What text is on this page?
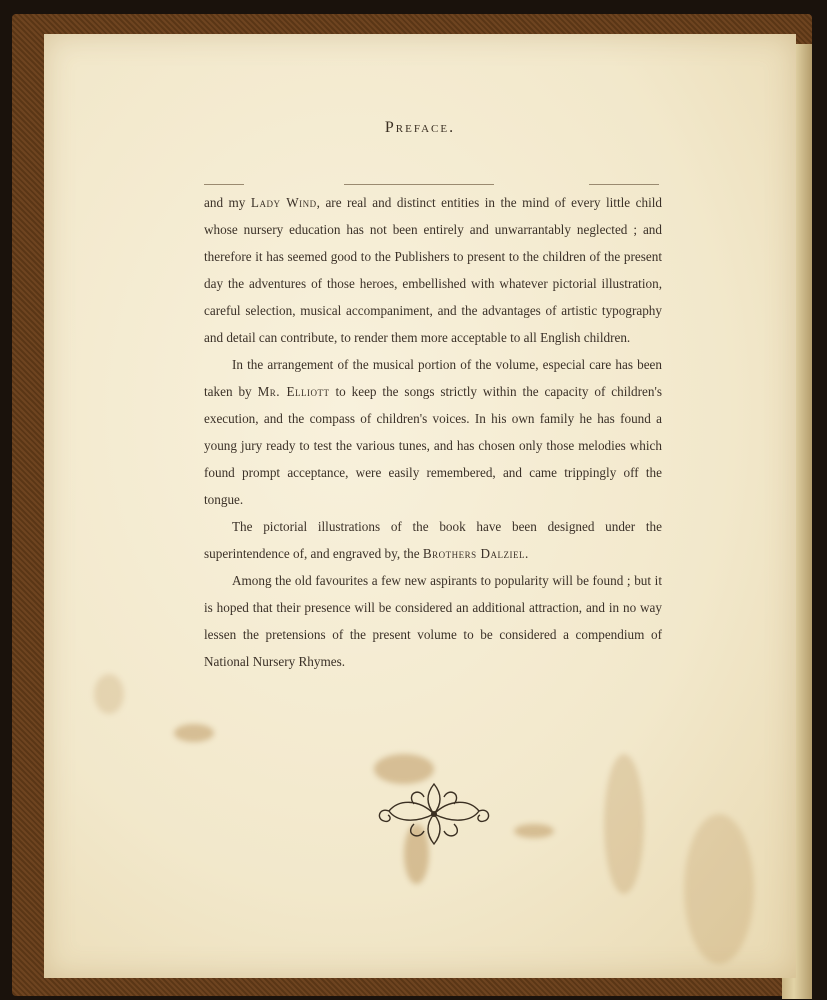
Preface.

and my Lady Wind, are real and distinct entities in the mind of every little child whose nursery education has not been entirely and unwarrantably neglected ; and therefore it has seemed good to the Publishers to present to the children of the present day the adventures of those heroes, embellished with whatever pictorial illustration, careful selection, musical accompaniment, and the advantages of artistic typography and detail can contribute, to render them more acceptable to all English children.

In the arrangement of the musical portion of the volume, especial care has been taken by Mr. Elliott to keep the songs strictly within the capacity of children's execution, and the compass of children's voices. In his own family he has found a young jury ready to test the various tunes, and has chosen only those melodies which found prompt acceptance, were easily remembered, and came trippingly off the tongue.

The pictorial illustrations of the book have been designed under the superintendence of, and engraved by, the Brothers Dalziel.

Among the old favourites a few new aspirants to popularity will be found ; but it is hoped that their presence will be considered an additional attraction, and in no way lessen the pretensions of the present volume to be considered a compendium of National Nursery Rhymes.
